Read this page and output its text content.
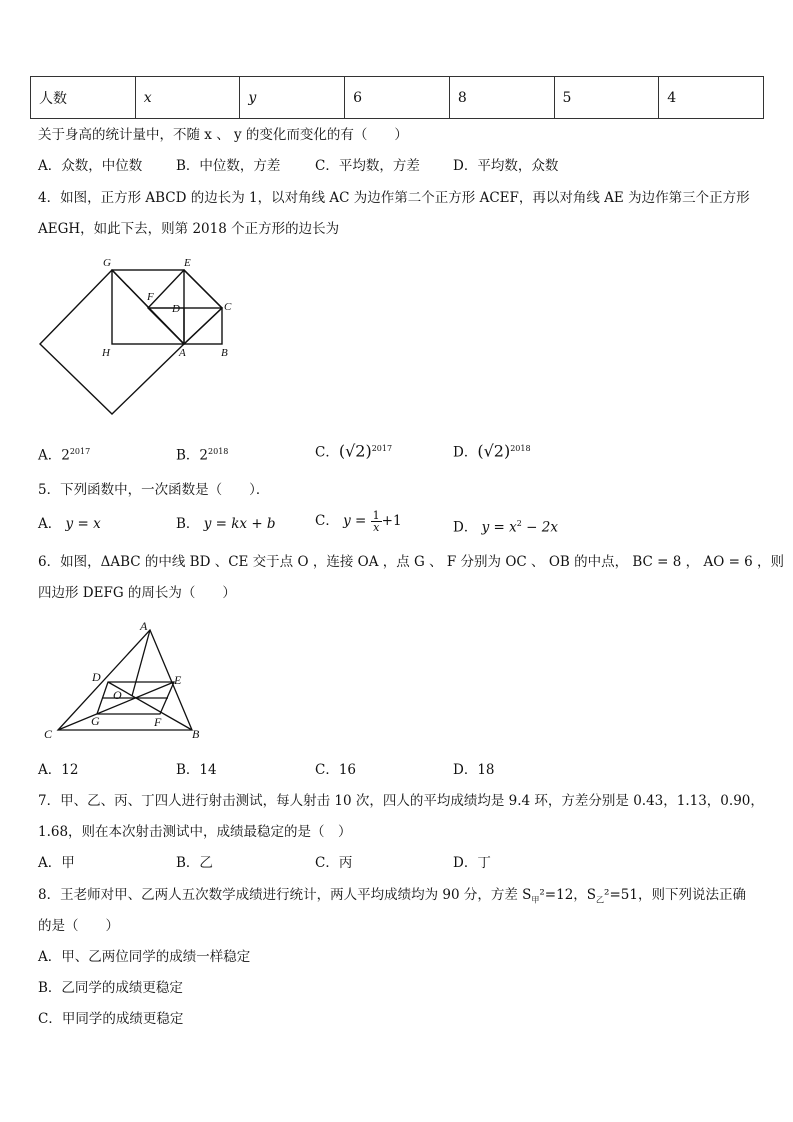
人数	x	y	6	8	5	4
关于身高的统计量中，不随 x 、 y 的变化而变化的有（　　）
A．众数，中位数	B．中位数，方差	C．平均数，方差 D．平均数，众数
4．如图，正方形 ABCD 的边长为 1，以对角线 AC 为边作第二个正方形 ACEF，再以对角线 AE 为边作第三个正方形
AEGH，如此下去，则第 2018 个正方形的边长为
G	E
F
D	C
H	A	B
A．$2^{2017}$	B．$2^{2018}$	C．$(√2)^{2017}$	D．$(√2)^{2018}$
5．下列函数中，一次函数是（　　）．
A． y = x	B． y = kx + b	C． $y = \frac{1}{x} +1$	D． $y = x^2 - 2x$
6．如图，ΔABC 的中线 BD 、CE 交于点 O ，连接 OA ，点 G 、 F 分别为 OC 、 OB 的中点， BC = 8 ， AO = 6 ，则
四边形 DEFG 的周长为（　　）
A
D	E
O
G	F
C	B
A．12	B．14	C．16	D．18
7．甲、乙、丙、丁四人进行射击测试，每人射击 10 次，四人的平均成绩均是 9.4 环，方差分别是 0.43，1.13，0.90，
1.68，则在本次射击测试中，成绩最稳定的是（　）
A．甲	B．乙	C．丙	D．丁
8．王老师对甲、乙两人五次数学成绩进行统计，两人平均成绩均为 90 分，方差 $S_甲^2=12$，$S_乙^2=51$，则下列说法正确
的是（　　）
A．甲、乙两位同学的成绩一样稳定
B．乙同学的成绩更稳定
C．甲同学的成绩更稳定
